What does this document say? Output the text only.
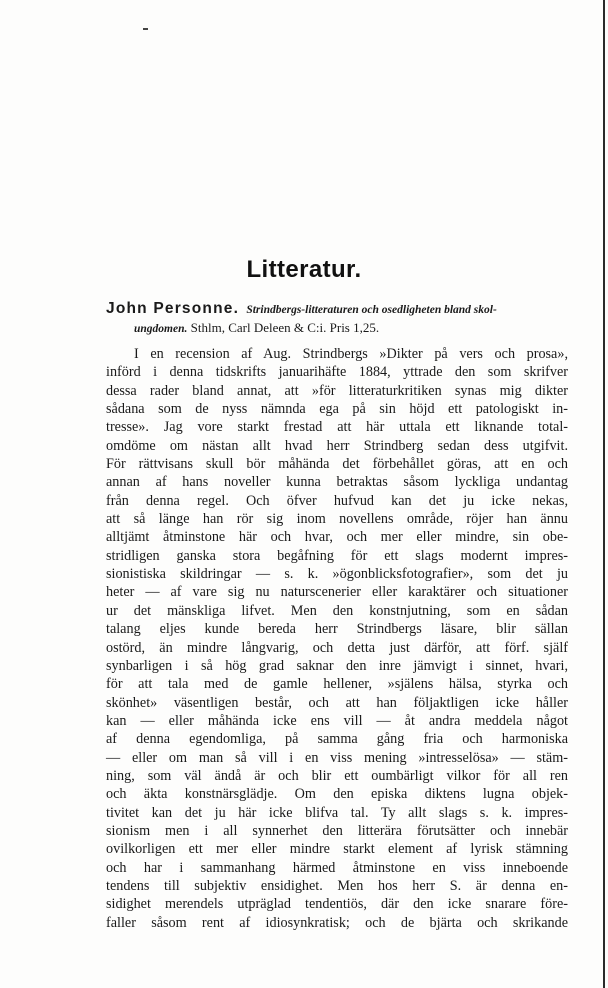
Litteratur.
John Personne. Strindbergs-litteraturen och osedligheten bland skol-
ungdomen. Sthlm, Carl Deleen & C:i. Pris 1,25.
I en recension af Aug. Strindbergs »Dikter på vers och prosa»,
införd i denna tidskrifts januarihäfte 1884, yttrade den som skrifver
dessa rader bland annat, att »för litteraturkritiken synas mig dikter
sådana som de nyss nämnda ega på sin höjd ett patologiskt in-
tresse». Jag vore starkt frestad att här uttala ett liknande total-
omdöme om nästan allt hvad herr Strindberg sedan dess utgifvit.
För rättvisans skull bör måhända det förbehållet göras, att en och
annan af hans noveller kunna betraktas såsom lyckliga undantag
från denna regel. Och öfver hufvud kan det ju icke nekas,
att så länge han rör sig inom novellens område, röjer han ännu
alltjämt åtminstone här och hvar, och mer eller mindre, sin obe-
stridligen ganska stora begåfning för ett slags modernt impres-
sionistiska skildringar — s. k. »ögonblicksfotografier», som det ju
heter — af vare sig nu naturscenerier eller karaktärer och situationer
ur det mänskliga lifvet. Men den konstnjutning, som en sådan
talang eljes kunde bereda herr Strindbergs läsare, blir sällan
ostörd, än mindre långvarig, och detta just därför, att förf. själf
synbarligen i så hög grad saknar den inre jämvigt i sinnet, hvari,
för att tala med de gamle hellener, »själens hälsa, styrka och
skönhet» väsentligen består, och att han följaktligen icke håller
kan — eller måhända icke ens vill — åt andra meddela något
af denna egendomliga, på samma gång fria och harmoniska
— eller om man så vill i en viss mening »intresselösa» — stäm-
ning, som väl ändå är och blir ett oumbärligt vilkor för all ren
och äkta konstnärsglädje. Om den episka diktens lugna objek-
tivitet kan det ju här icke blifva tal. Ty allt slags s. k. impres-
sionism men i all synnerhet den litterära förutsätter och innebär
ovilkorligen ett mer eller mindre starkt element af lyrisk stämning
och har i sammanhang härmed åtminstone en viss inneboende
tendens till subjektiv ensidighet. Men hos herr S. är denna en-
sidighet merendels utpräglad tendentiös, där den icke snarare före-
faller såsom rent af idiosynkratisk; och de bjärta och skrikande
